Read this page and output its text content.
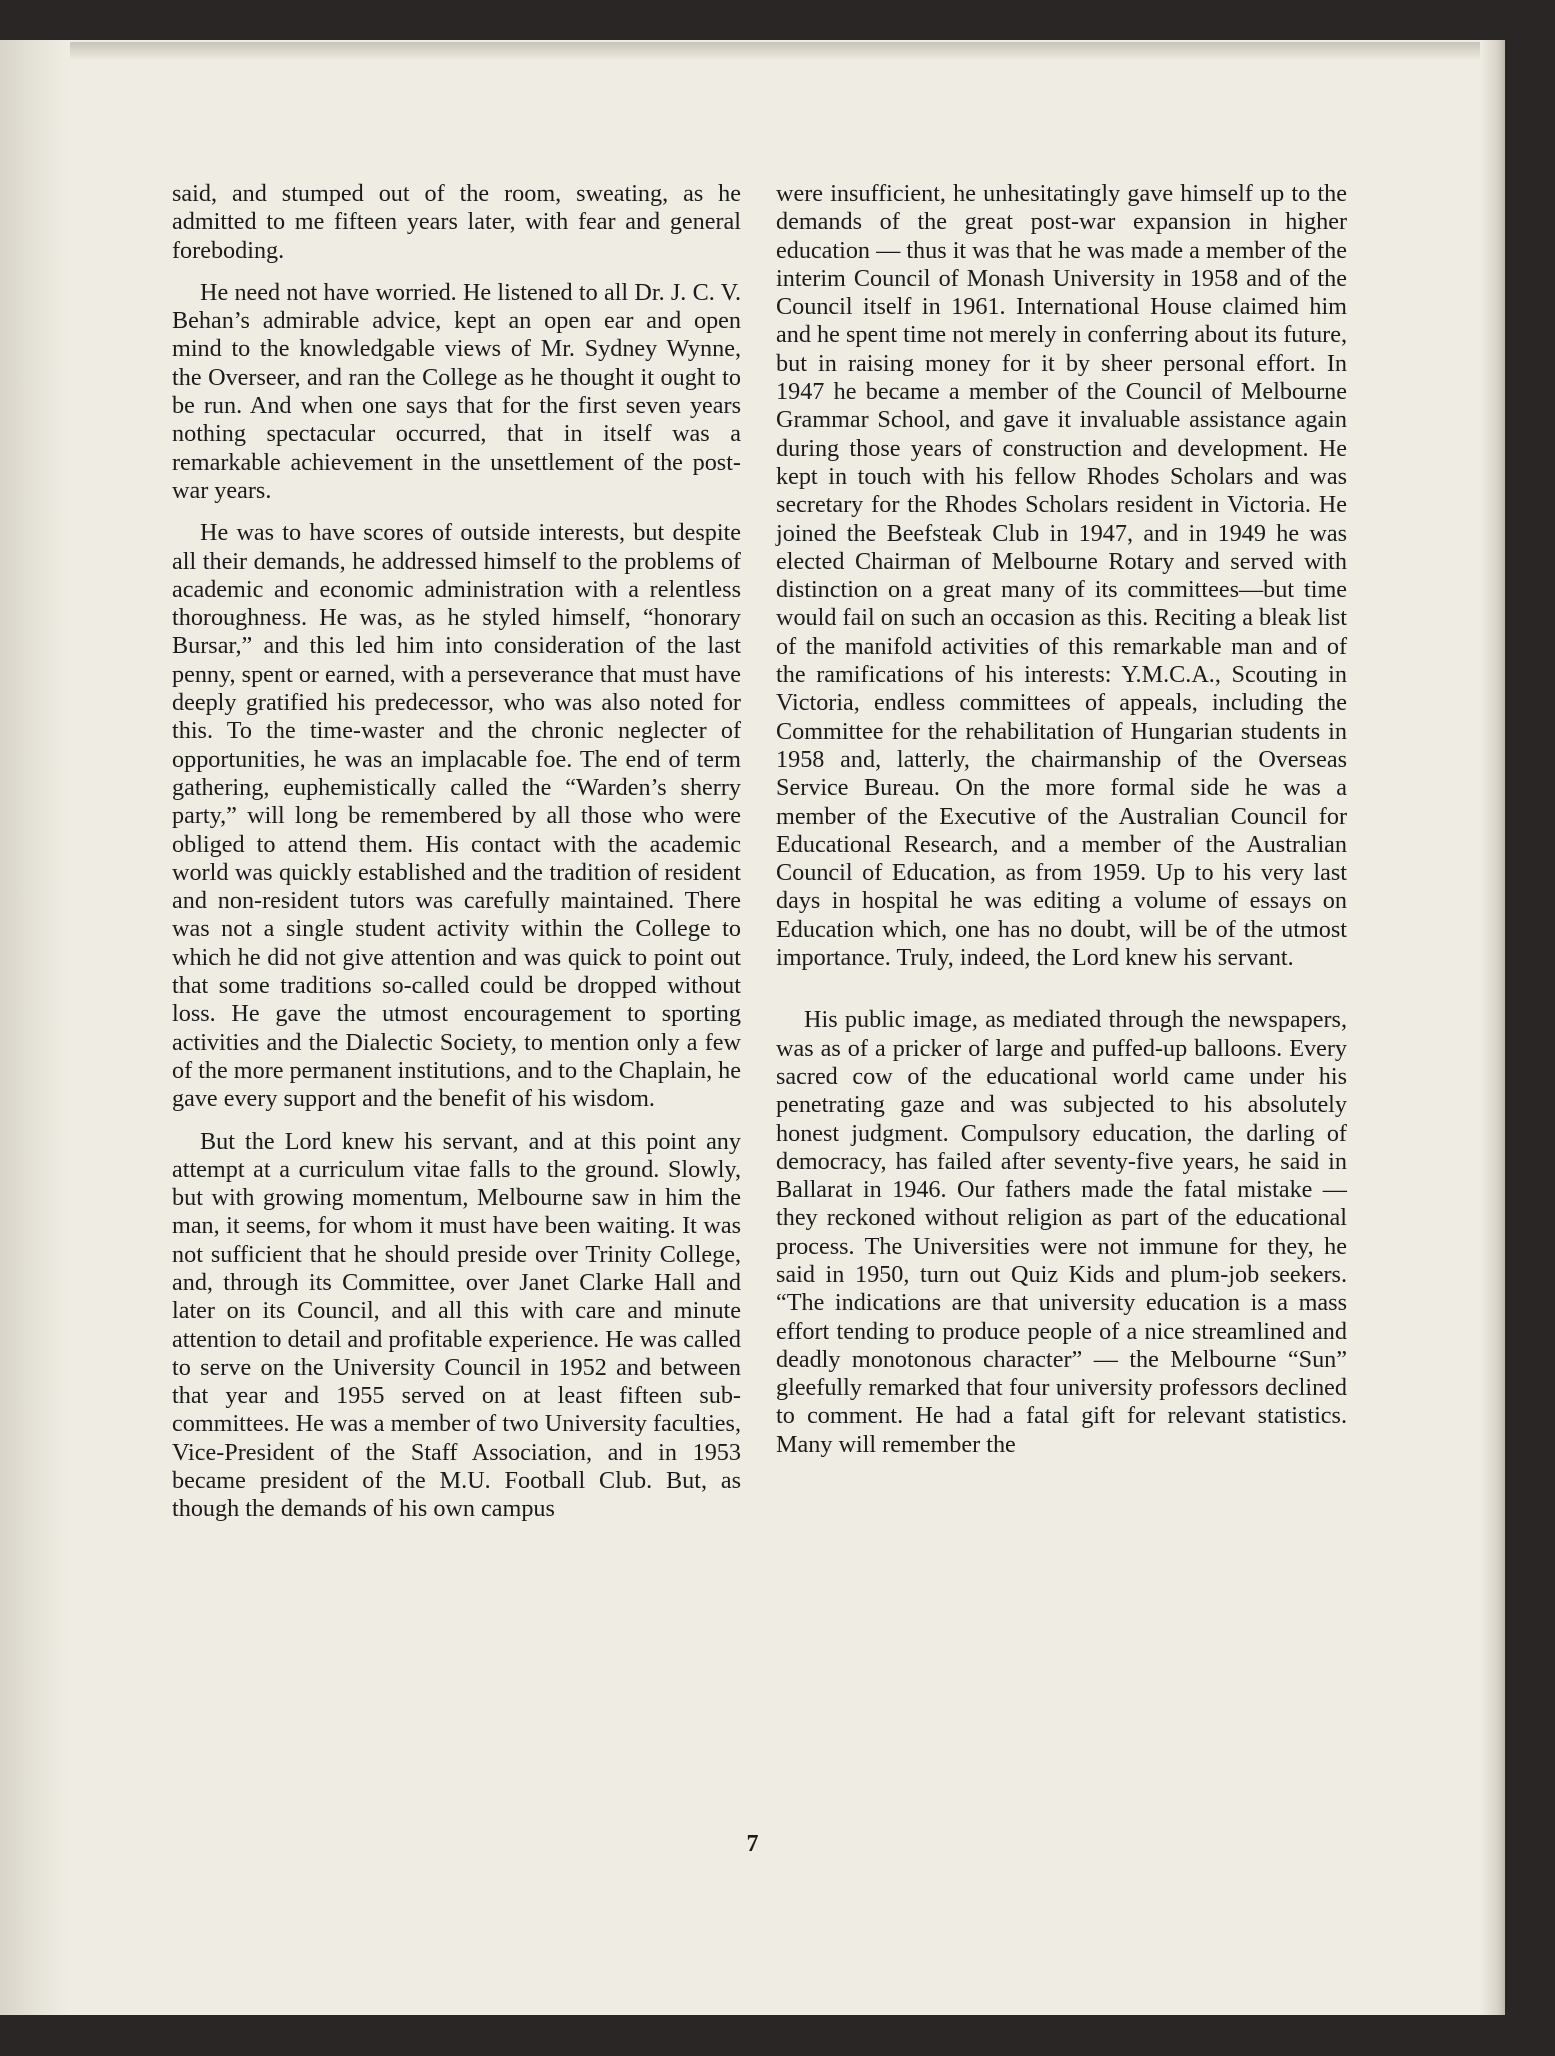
said, and stumped out of the room, sweating, as he admitted to me fifteen years later, with fear and general foreboding.

He need not have worried. He listened to all Dr. J. C. V. Behan’s admirable advice, kept an open ear and open mind to the knowledgable views of Mr. Sydney Wynne, the Overseer, and ran the College as he thought it ought to be run. And when one says that for the first seven years nothing spectacular occurred, that in itself was a remarkable achievement in the unsettlement of the post-war years.

He was to have scores of outside interests, but despite all their demands, he addressed himself to the problems of academic and economic administration with a relentless thoroughness. He was, as he styled himself, “honorary Bursar,” and this led him into consideration of the last penny, spent or earned, with a perseverance that must have deeply gratified his predecessor, who was also noted for this. To the time-waster and the chronic neglecter of opportunities, he was an implacable foe. The end of term gathering, euphemistically called the “Warden’s sherry party,” will long be remembered by all those who were obliged to attend them. His contact with the academic world was quickly established and the tradition of resident and non-resident tutors was carefully maintained. There was not a single student activity within the College to which he did not give attention and was quick to point out that some traditions so-called could be dropped without loss. He gave the utmost encouragement to sporting activities and the Dialectic Society, to mention only a few of the more permanent institutions, and to the Chaplain, he gave every support and the benefit of his wisdom.

But the Lord knew his servant, and at this point any attempt at a curriculum vitae falls to the ground. Slowly, but with growing momentum, Melbourne saw in him the man, it seems, for whom it must have been waiting. It was not sufficient that he should preside over Trinity College, and, through its Committee, over Janet Clarke Hall and later on its Council, and all this with care and minute attention to detail and profitable experience. He was called to serve on the University Council in 1952 and between that year and 1955 served on at least fifteen sub-committees. He was a member of two University faculties, Vice-President of the Staff Association, and in 1953 became president of the M.U. Football Club. But, as though the demands of his own campus

were insufficient, he unhesitatingly gave himself up to the demands of the great post-war expansion in higher education — thus it was that he was made a member of the interim Council of Monash University in 1958 and of the Council itself in 1961. International House claimed him and he spent time not merely in conferring about its future, but in raising money for it by sheer personal effort. In 1947 he became a member of the Council of Melbourne Grammar School, and gave it invaluable assistance again during those years of construction and development. He kept in touch with his fellow Rhodes Scholars and was secretary for the Rhodes Scholars resident in Victoria. He joined the Beefsteak Club in 1947, and in 1949 he was elected Chairman of Melbourne Rotary and served with distinction on a great many of its committees—but time would fail on such an occasion as this. Reciting a bleak list of the manifold activities of this remarkable man and of the ramifications of his interests: Y.M.C.A., Scouting in Victoria, endless committees of appeals, including the Committee for the rehabilitation of Hungarian students in 1958 and, latterly, the chairmanship of the Overseas Service Bureau. On the more formal side he was a member of the Executive of the Australian Council for Educational Research, and a member of the Australian Council of Education, as from 1959. Up to his very last days in hospital he was editing a volume of essays on Education which, one has no doubt, will be of the utmost importance. Truly, indeed, the Lord knew his servant.

His public image, as mediated through the newspapers, was as of a pricker of large and puffed-up balloons. Every sacred cow of the educational world came under his penetrating gaze and was subjected to his absolutely honest judgment. Compulsory education, the darling of democracy, has failed after seventy-five years, he said in Ballarat in 1946. Our fathers made the fatal mistake — they reckoned without religion as part of the educational process. The Universities were not immune for they, he said in 1950, turn out Quiz Kids and plum-job seekers. “The indications are that university education is a mass effort tending to produce people of a nice streamlined and deadly monotonous character” — the Melbourne “Sun” gleefully remarked that four university professors declined to comment. He had a fatal gift for relevant statistics. Many will remember the

7
